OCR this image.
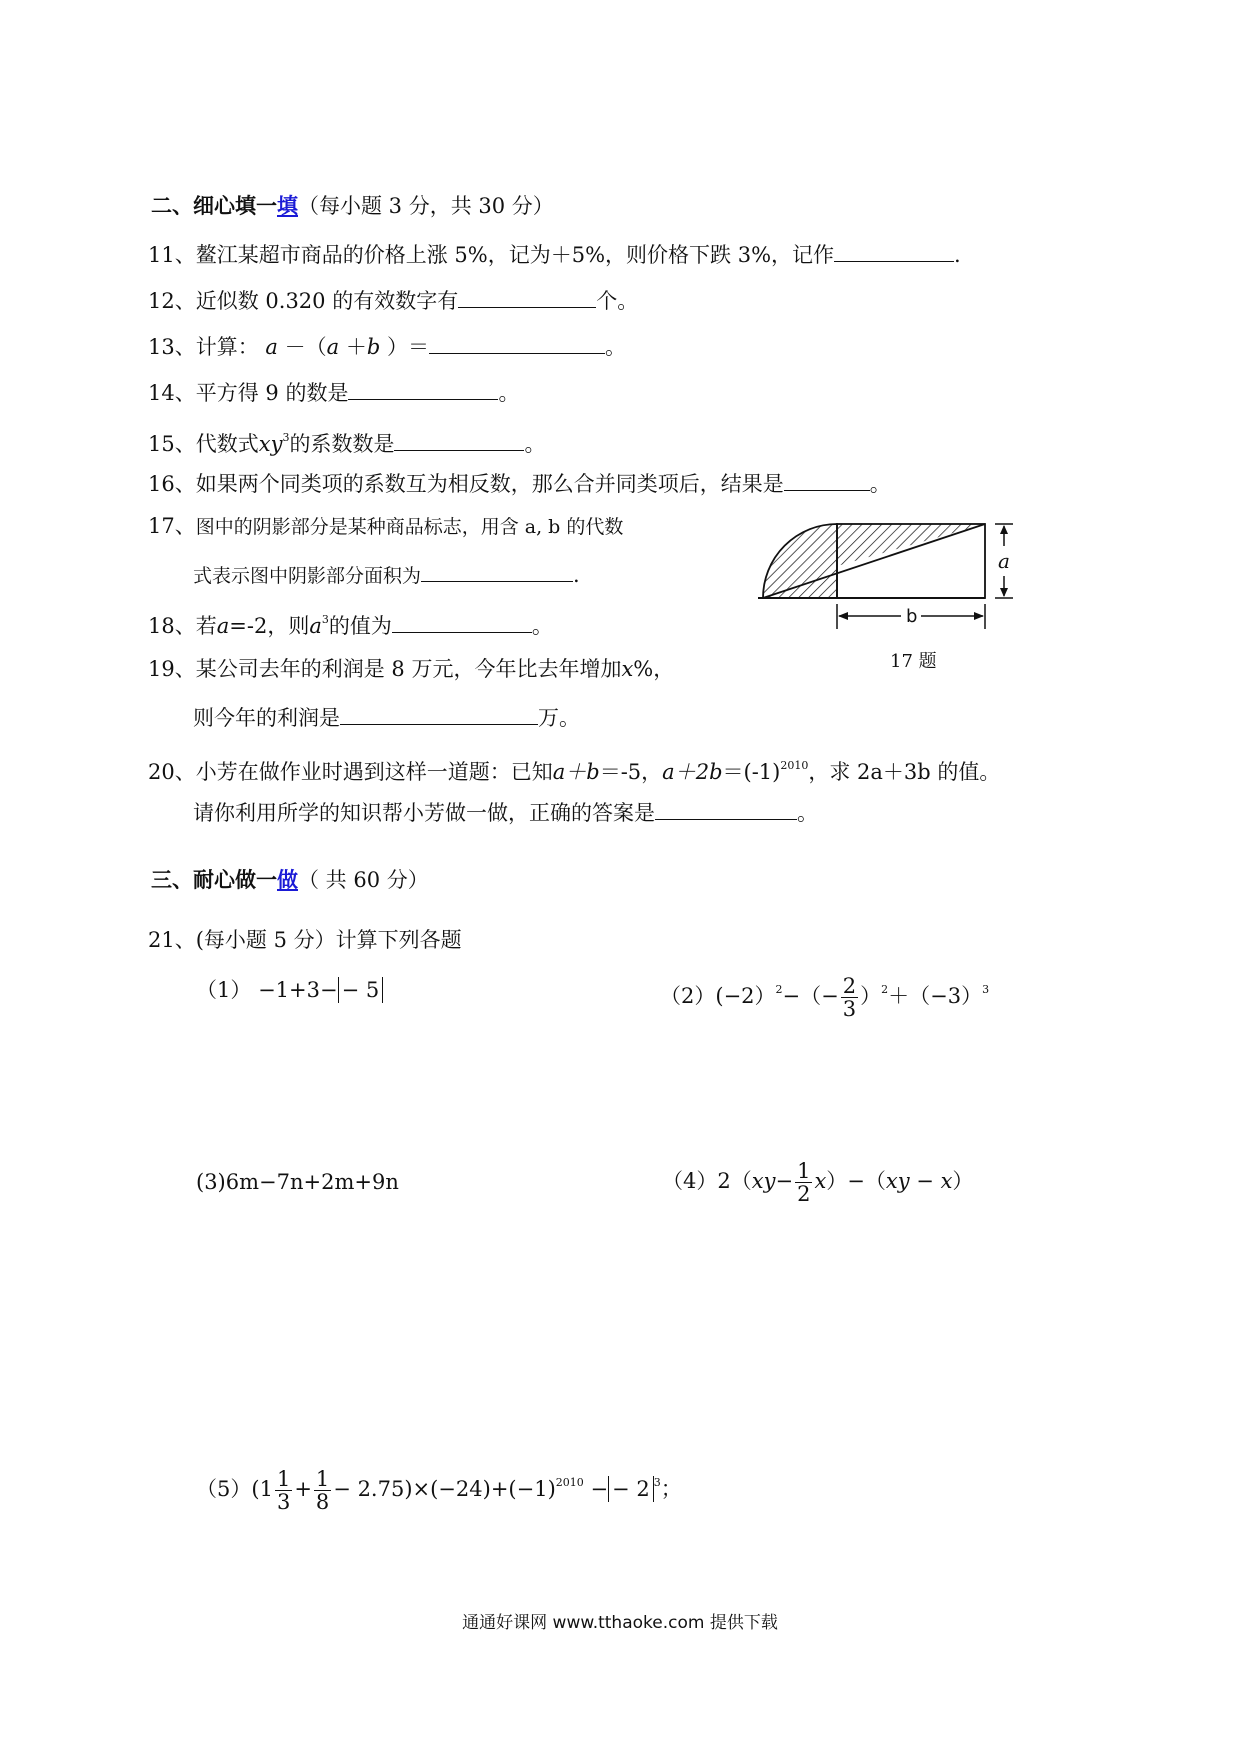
二、细心填一填（每小题 3 分，共 30 分）
11、鳌江某超市商品的价格上涨 5%，记为＋5%，则价格下跌 3%，记作	.
12、近似数 0.320 的有效数字有	个。
13、计算： a －（a ＋b ）＝	。
14、平方得 9 的数是	。
15、代数式$xy^3$的系数数是	。
16、如果两个同类项的系数互为相反数，那么合并同类项后，结果是	。
17、图中的阴影部分是某种商品标志，用含 a, b 的代数
式表示图中阴影部分面积为	.
a
b
17 题
18、若a=-2，则$a^3$的值为	。
19、某公司去年的利润是 8 万元，今年比去年增加x%，
则今年的利润是	万。
20、小芳在做作业时遇到这样一道题：已知a＋b＝-5，$a+2b=(-1)^{2010}$，求 2a＋3b 的值。
请你利用所学的知识帮小芳做一做，正确的答案是	。
三、耐心做一做（ 共 60 分）
21、(每小题 5 分）计算下列各题
（1） −1+3− − 5	$(2)(-2)^2-(- \frac{2}{3} )^2+(-3)^3$
(3)6m−7n+2m+9n	$(4)2(xy- \frac{1}{2} x)-(xy - x)$
$(5)(1 \frac{1}{3} + \frac{1}{8} - 2.75)\times(-24)+(-1)^{2010}$ − − 2 $^3$；
通通好课网 www.tthaoke.com 提供下载
